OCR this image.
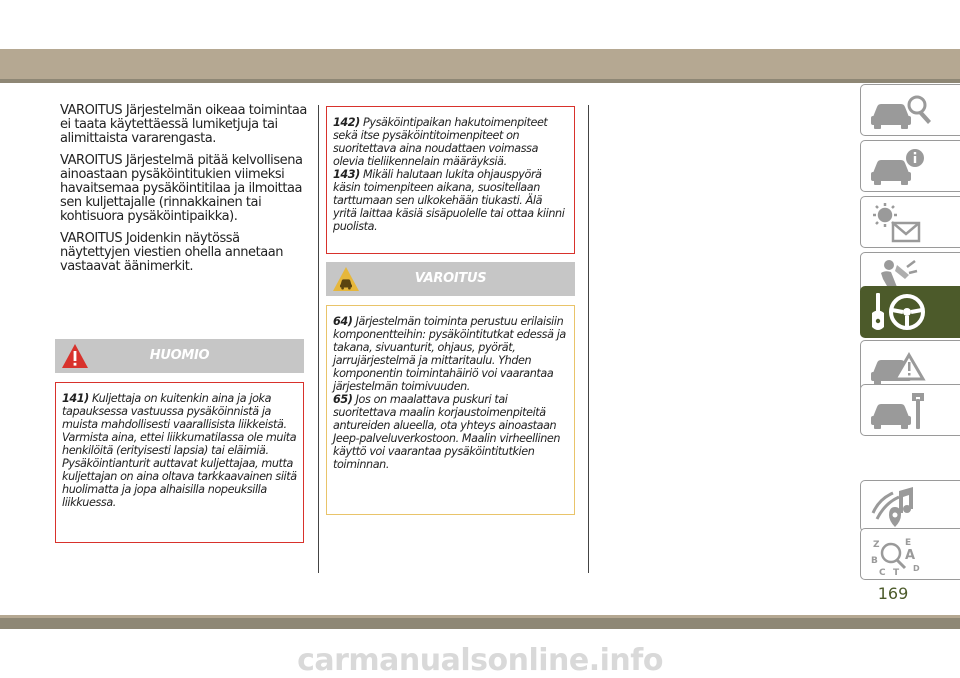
VAROITUS Järjestelmän oikeaa toimintaa ei taata käytettäessä lumiketjuja tai alimittaista vararengasta.

VAROITUS Järjestelmä pitää kelvollisena ainoastaan pysäköintitukien viimeksi havaitsemaa pysäköintitilaa ja ilmoittaa sen kuljettajalle (rinnakkainen tai kohtisuora pysäköintipaikka).

VAROITUS Joidenkin näytössä näytettyjen viestien ohella annetaan vastaavat äänimerkit.

HUOMIO

141) Kuljettaja on kuitenkin aina ja joka tapauksessa vastuussa pysäköinnistä ja muista mahdollisesti vaarallisista liikkeistä. Varmista aina, ettei liikkumatilassa ole muita henkilöitä (erityisesti lapsia) tai eläimiä. Pysäköintianturit auttavat kuljettajaa, mutta kuljettajan on aina oltava tarkkaavainen siitä huolimatta ja jopa alhaisilla nopeuksilla liikkuessa.

142) Pysäköintipaikan hakutoimenpiteet sekä itse pysäköintitoimenpiteet on suoritettava aina noudattaen voimassa olevia tieliikennelain määräyksiä.

143) Mikäli halutaan lukita ohjauspyörä käsin toimenpiteen aikana, suositellaan tarttumaan sen ulkokehään tiukasti. Älä yritä laittaa käsiä sisäpuolelle tai ottaa kiinni puolista.

VAROITUS

64) Järjestelmän toiminta perustuu erilaisiin komponentteihin: pysäköintitutkat edessä ja takana, sivuanturit, ohjaus, pyörät, jarrujärjestelmä ja mittaritaulu. Yhden komponentin toimintahäiriö voi vaarantaa järjestelmän toimivuuden.

65) Jos on maalattava puskuri tai suoritettava maalin korjaustoimenpiteitä antureiden alueella, ota yhteys ainoastaan Jeep-palveluverkostoon. Maalin virheellinen käyttö voi vaarantaa pysäköintitutkien toiminnan.

Z	E
B A
C T D
169
carmanualsonline.info
